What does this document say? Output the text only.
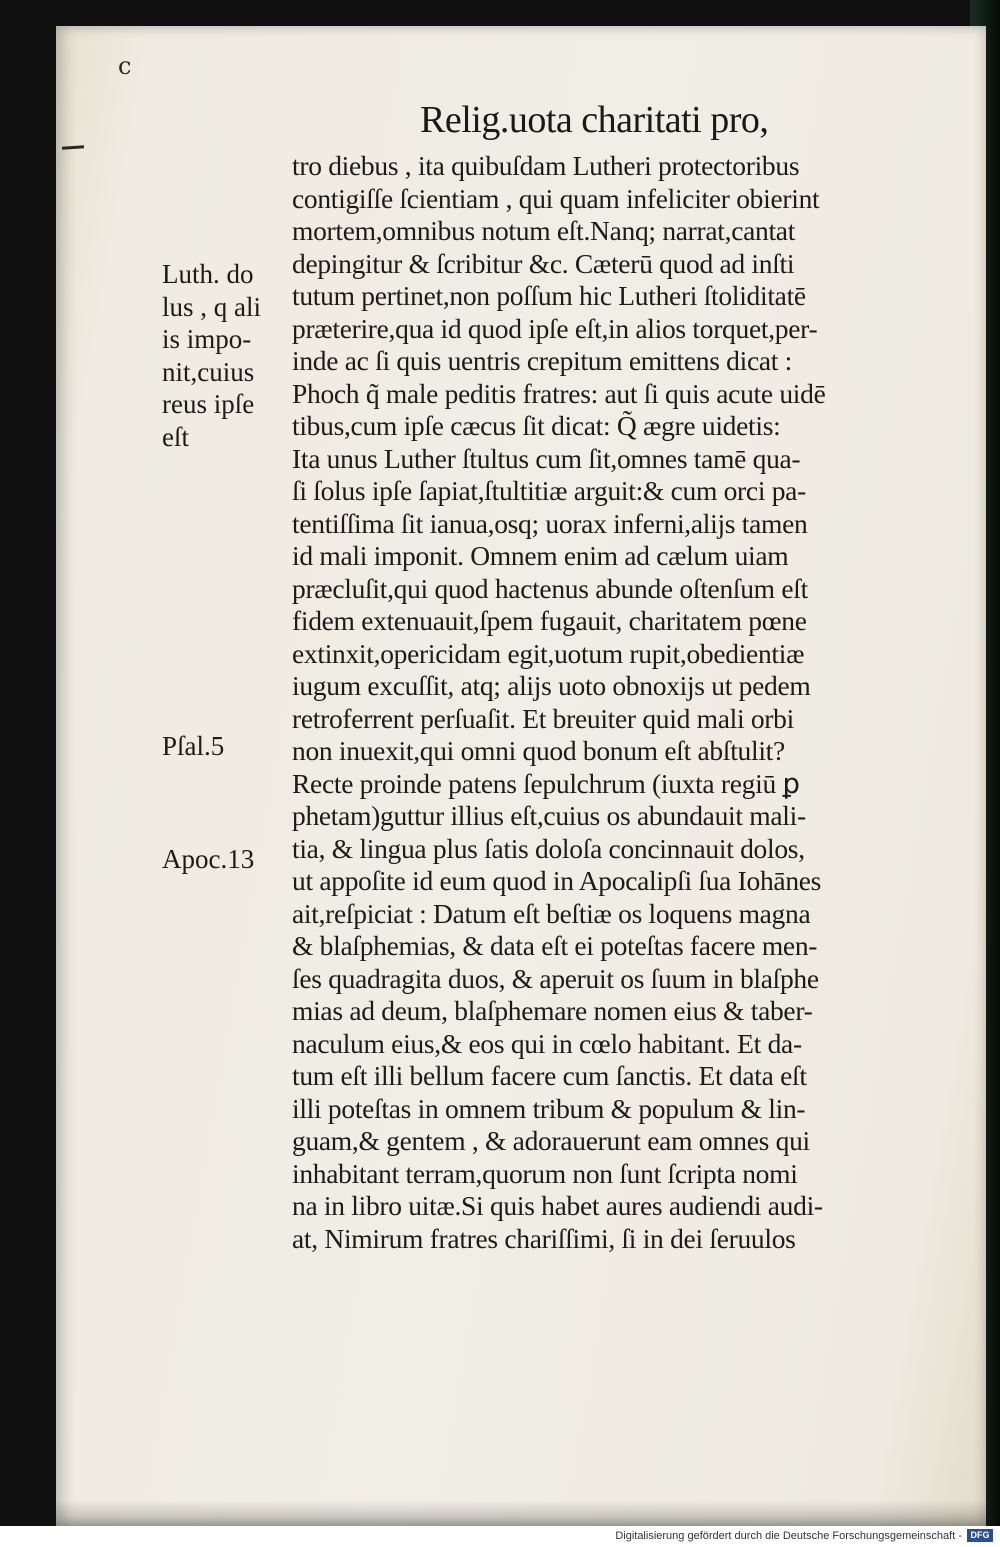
c
Relig.uota charitati pro,
tro diebus , ita quibuſdam Lutheri protectoribus
contigiſſe ſcientiam , qui quam infeliciter obierint
mortem,omnibus notum eſt.Nanq; narrat,cantat
depingitur & ſcribitur &c. Cæterū quod ad inſti
tutum pertinet,non poſſum hic Lutheri ſtoliditatē
præterire,qua id quod ipſe eſt,in alios torquet,per-
inde ac ſi quis uentris crepitum emittens dicat :
Phoch q̃ male peditis fratres: aut ſi quis acute uidē
tibus,cum ipſe cæcus ſit dicat: Q̃ ægre uidetis:
Ita unus Luther ſtultus cum ſit,omnes tamē qua-
ſi ſolus ipſe ſapiat,ſtultitiæ arguit:& cum orci pa-
tentiſſima ſit ianua,osq; uorax inferni,alijs tamen
id mali imponit. Omnem enim ad cælum uiam
præcluſit,qui quod hactenus abunde oſtenſum eſt
fidem extenuauit,ſpem fugauit, charitatem pœne
extinxit,opericidam egit,uotum rupit,obedientiæ
iugum excuſſit, atq; alijs uoto obnoxijs ut pedem
retroferrent perſuaſit. Et breuiter quid mali orbi
non inuexit,qui omni quod bonum eſt abſtulit?
Recte proinde patens ſepulchrum (iuxta regiū ꝑ
phetam)guttur illius eſt,cuius os abundauit mali-
tia, & lingua plus ſatis doloſa concinnauit dolos,
ut appoſite id eum quod in Apocalipſi ſua Iohānes
ait,reſpiciat : Datum eſt beſtiæ os loquens magna
& blaſphemias, & data eſt ei poteſtas facere men-
ſes quadragita duos, & aperuit os ſuum in blaſphe
mias ad deum, blaſphemare nomen eius & taber-
naculum eius,& eos qui in cœlo habitant. Et da-
tum eſt illi bellum facere cum ſanctis. Et data eſt
illi poteſtas in omnem tribum & populum & lin-
guam,& gentem , & adorauerunt eam omnes qui
inhabitant terram,quorum non ſunt ſcripta nomi
na in libro uitæ.Si quis habet aures audiendi audi-
at, Nimirum fratres chariſſimi, ſi in dei ſeruulos
Luth. do
lus , q ali
is impo-
nit,cuius
reus ipſe
eſt
Pſal.5
Apoc.13
Digitalisierung gefördert durch die Deutsche Forschungsgemeinschaft - DFG
